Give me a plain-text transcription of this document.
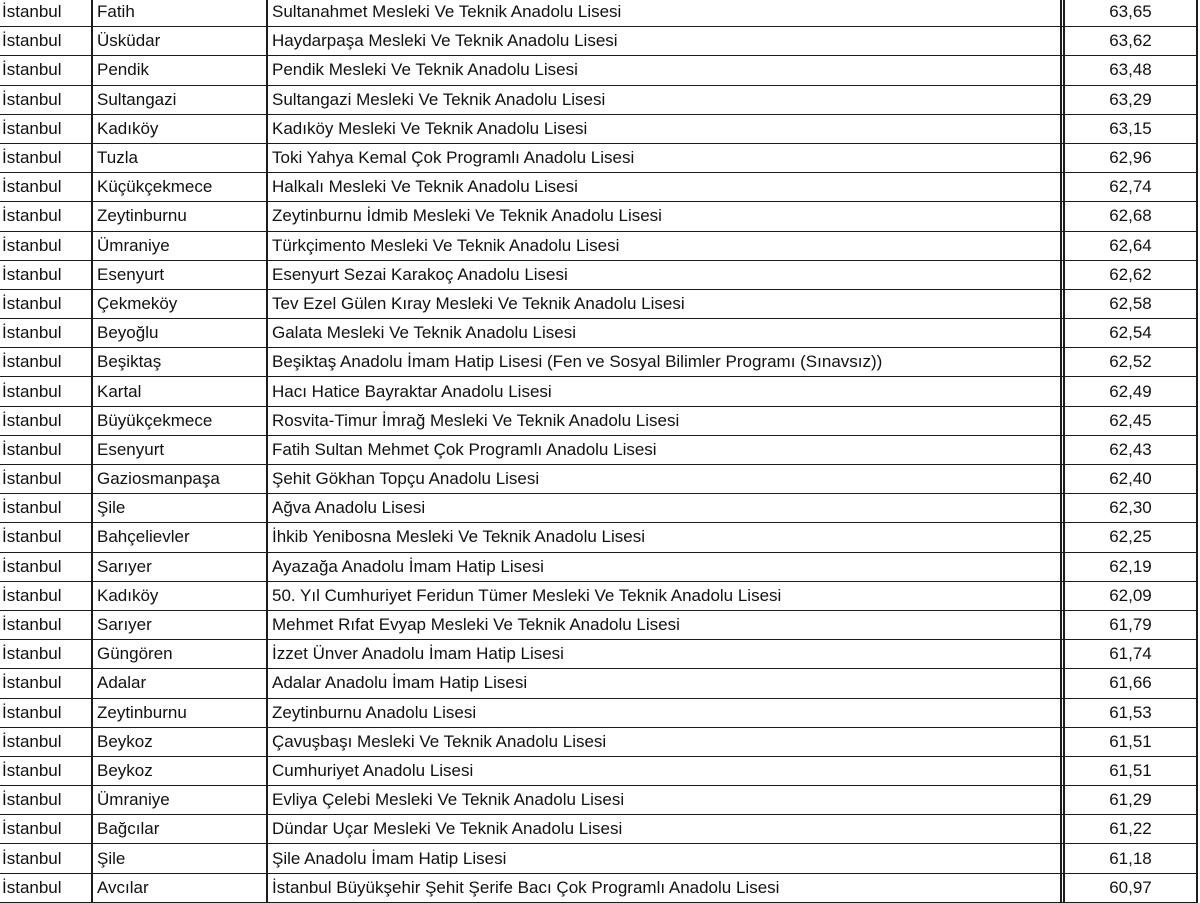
İstanbul	Fatih	Sultanahmet Mesleki Ve Teknik Anadolu Lisesi		63,65	
İstanbul	Üsküdar	Haydarpaşa Mesleki Ve Teknik Anadolu Lisesi		63,62	
İstanbul	Pendik	Pendik Mesleki Ve Teknik Anadolu Lisesi		63,48	
İstanbul	Sultangazi	Sultangazi Mesleki Ve Teknik Anadolu Lisesi		63,29	
İstanbul	Kadıköy	Kadıköy Mesleki Ve Teknik Anadolu Lisesi		63,15	
İstanbul	Tuzla	Toki Yahya Kemal Çok Programlı Anadolu Lisesi		62,96	
İstanbul	Küçükçekmece	Halkalı Mesleki Ve Teknik Anadolu Lisesi		62,74	
İstanbul	Zeytinburnu	Zeytinburnu İdmib Mesleki Ve Teknik Anadolu Lisesi		62,68	
İstanbul	Ümraniye	Türkçimento Mesleki Ve Teknik Anadolu Lisesi		62,64	
İstanbul	Esenyurt	Esenyurt Sezai Karakoç Anadolu Lisesi		62,62	
İstanbul	Çekmeköy	Tev Ezel Gülen Kıray Mesleki Ve Teknik Anadolu Lisesi		62,58	
İstanbul	Beyoğlu	Galata Mesleki Ve Teknik Anadolu Lisesi		62,54	
İstanbul	Beşiktaş	Beşiktaş Anadolu İmam Hatip Lisesi (Fen ve Sosyal Bilimler Programı (Sınavsız))		62,52	
İstanbul	Kartal	Hacı Hatice Bayraktar Anadolu Lisesi		62,49	
İstanbul	Büyükçekmece	Rosvita-Timur İmrağ Mesleki Ve Teknik Anadolu Lisesi		62,45	
İstanbul	Esenyurt	Fatih Sultan Mehmet Çok Programlı Anadolu Lisesi		62,43	
İstanbul	Gaziosmanpaşa	Şehit Gökhan Topçu Anadolu Lisesi		62,40	
İstanbul	Şile	Ağva Anadolu Lisesi		62,30	
İstanbul	Bahçelievler	İhkib Yenibosna Mesleki Ve Teknik Anadolu Lisesi		62,25	
İstanbul	Sarıyer	Ayazağa Anadolu İmam Hatip Lisesi		62,19	
İstanbul	Kadıköy	50. Yıl Cumhuriyet Feridun Tümer Mesleki Ve Teknik Anadolu Lisesi		62,09	
İstanbul	Sarıyer	Mehmet Rıfat Evyap Mesleki Ve Teknik Anadolu Lisesi		61,79	
İstanbul	Güngören	İzzet Ünver Anadolu İmam Hatip Lisesi		61,74	
İstanbul	Adalar	Adalar Anadolu İmam Hatip Lisesi		61,66	
İstanbul	Zeytinburnu	Zeytinburnu Anadolu Lisesi		61,53	
İstanbul	Beykoz	Çavuşbaşı Mesleki Ve Teknik Anadolu Lisesi		61,51	
İstanbul	Beykoz	Cumhuriyet Anadolu Lisesi		61,51	
İstanbul	Ümraniye	Evliya Çelebi Mesleki Ve Teknik Anadolu Lisesi		61,29	
İstanbul	Bağcılar	Dündar Uçar Mesleki Ve Teknik Anadolu Lisesi		61,22	
İstanbul	Şile	Şile Anadolu İmam Hatip Lisesi		61,18	
İstanbul	Avcılar	İstanbul Büyükşehir Şehit Şerife Bacı Çok Programlı Anadolu Lisesi		60,97	
